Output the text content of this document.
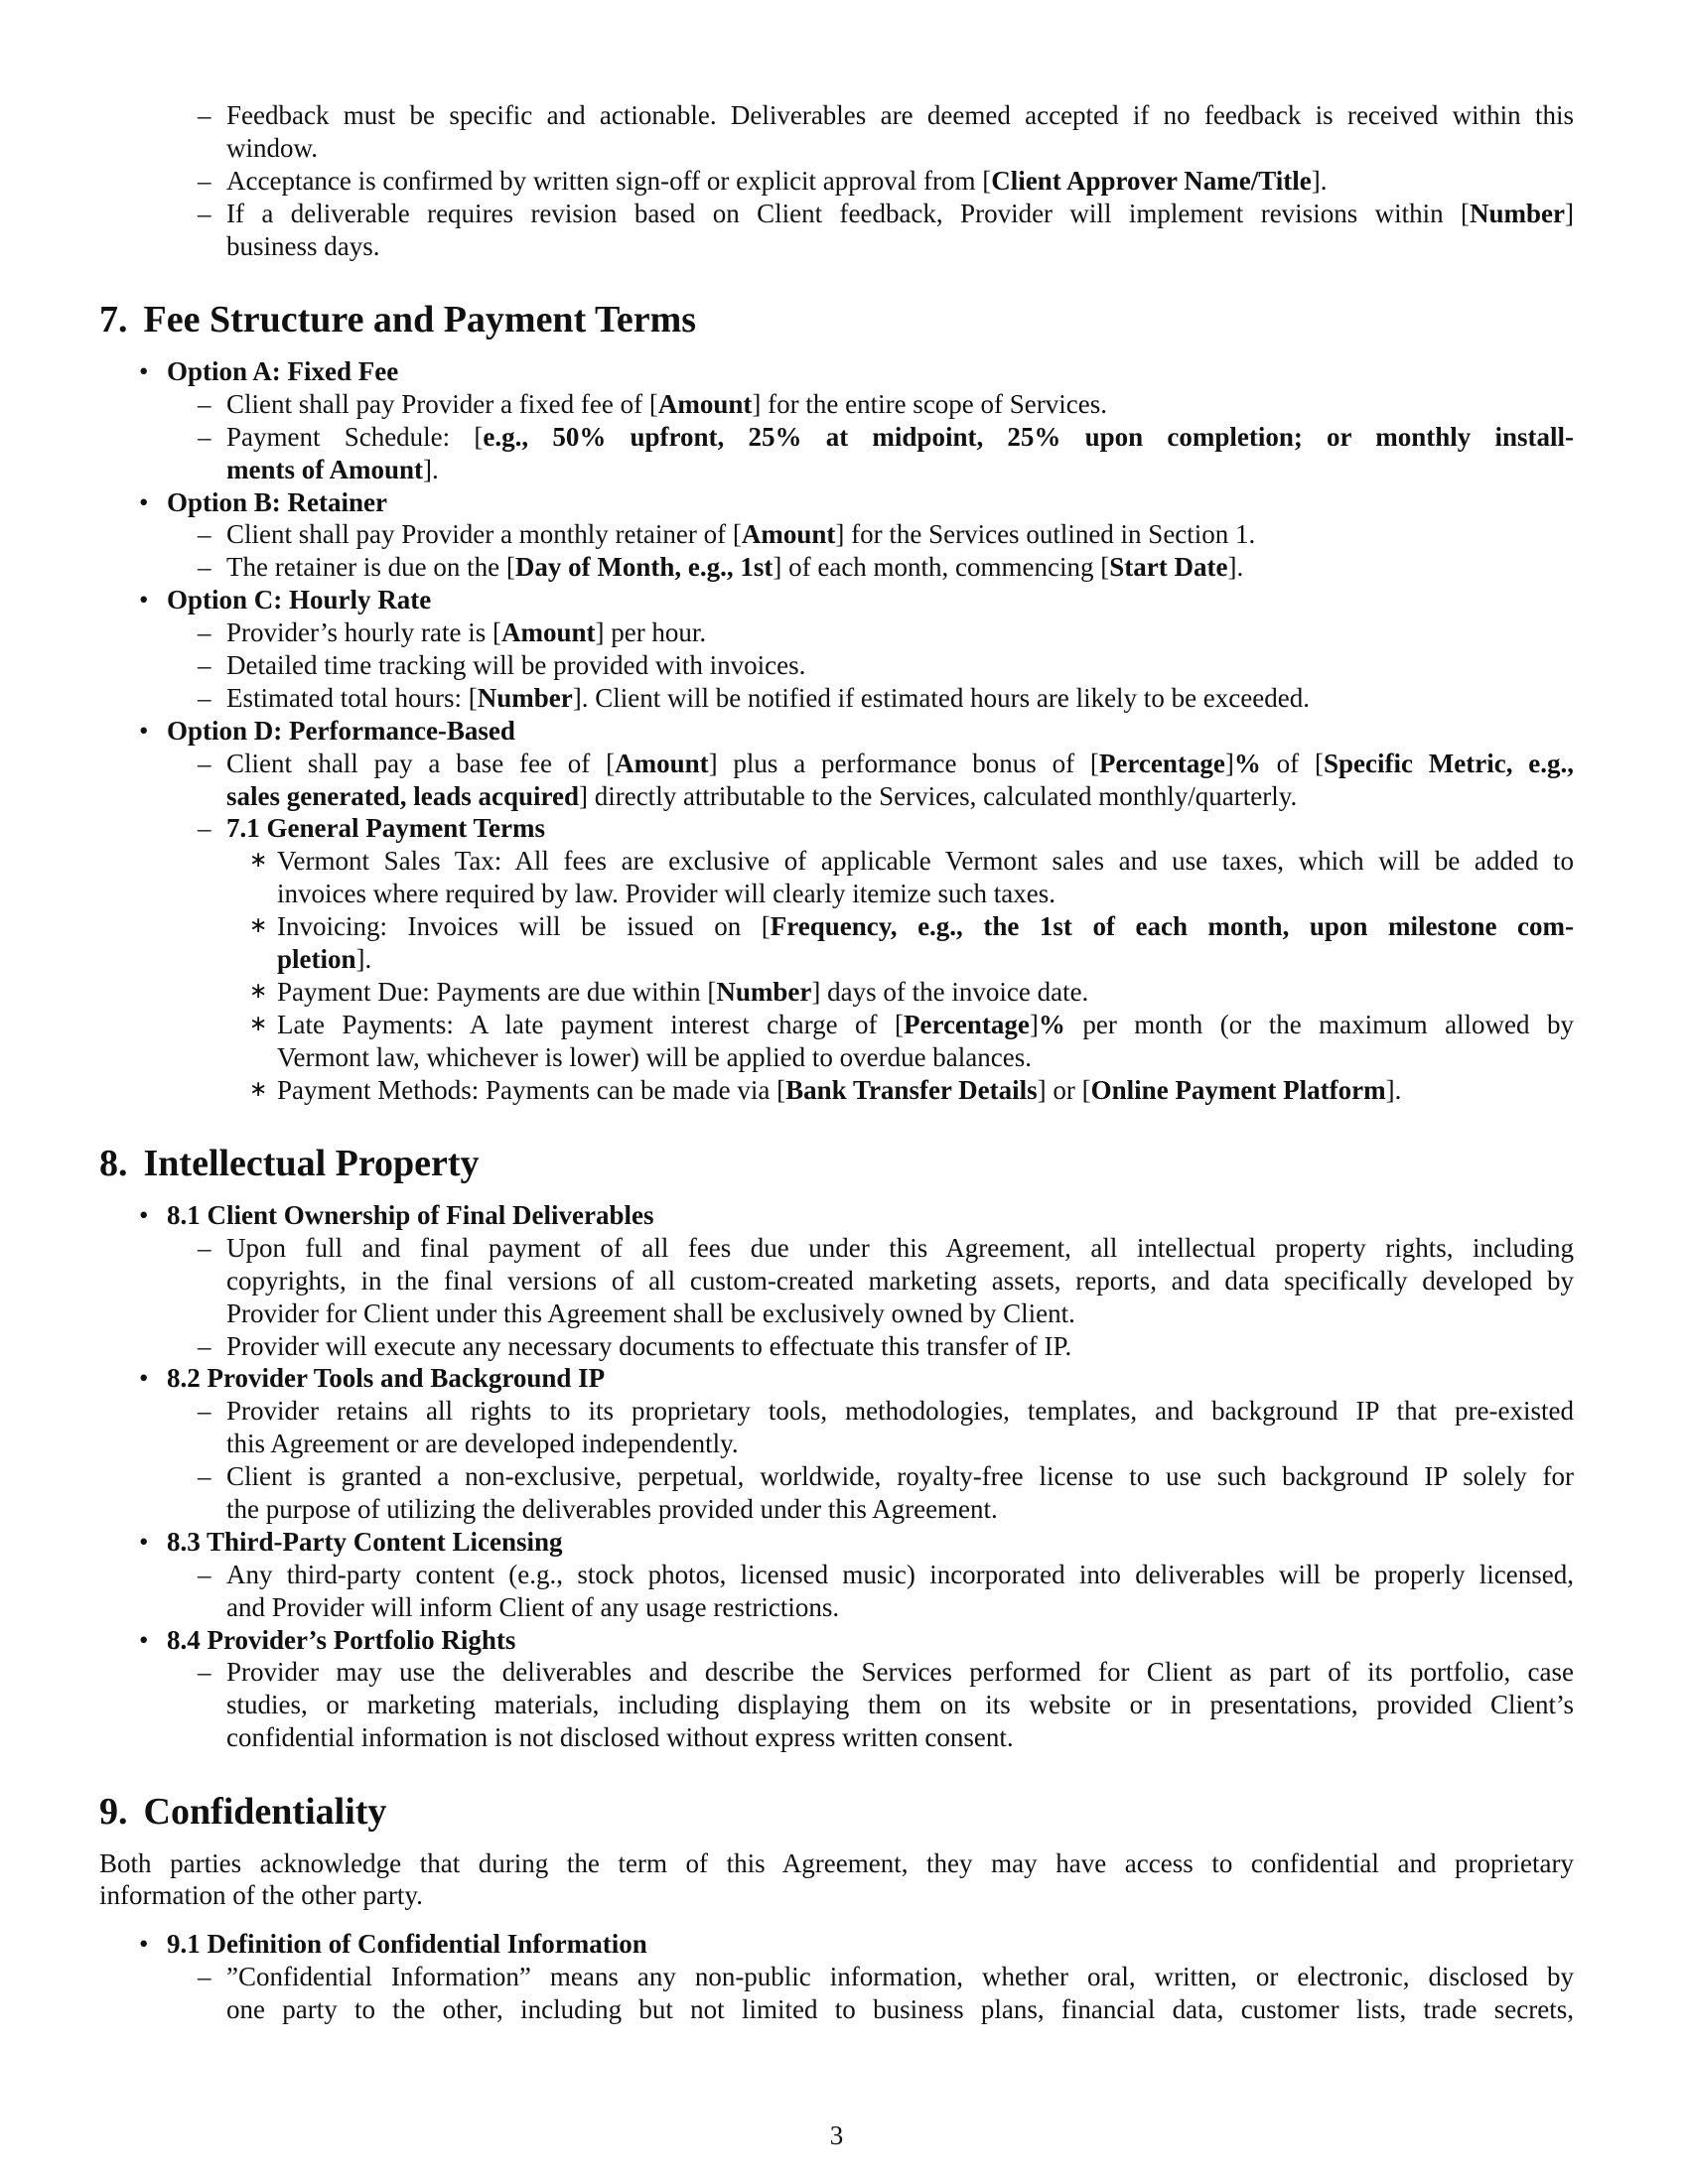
– Feedback must be specific and actionable. Deliverables are deemed accepted if no feedback is received within this
window.
– Acceptance is confirmed by written sign-off or explicit approval from [Client Approver Name/Title].
– If a deliverable requires revision based on Client feedback, Provider will implement revisions within [Number]
business days.
7. Fee Structure and Payment Terms
• Option A: Fixed Fee
– Client shall pay Provider a fixed fee of [Amount] for the entire scope of Services.
– Payment Schedule: [e.g., 50% upfront, 25% at midpoint, 25% upon completion; or monthly install-
ments of Amount].
• Option B: Retainer
– Client shall pay Provider a monthly retainer of [Amount] for the Services outlined in Section 1.
– The retainer is due on the [Day of Month, e.g., 1st] of each month, commencing [Start Date].
• Option C: Hourly Rate
– Provider’s hourly rate is [Amount] per hour.
– Detailed time tracking will be provided with invoices.
– Estimated total hours: [Number]. Client will be notified if estimated hours are likely to be exceeded.
• Option D: Performance-Based
– Client shall pay a base fee of [Amount] plus a performance bonus of [Percentage]% of [Specific Metric, e.g.,
sales generated, leads acquired] directly attributable to the Services, calculated monthly/quarterly.
– 7.1 General Payment Terms
∗ Vermont Sales Tax: All fees are exclusive of applicable Vermont sales and use taxes, which will be added to
invoices where required by law. Provider will clearly itemize such taxes.
∗ Invoicing: Invoices will be issued on [Frequency, e.g., the 1st of each month, upon milestone com-
pletion].
∗ Payment Due: Payments are due within [Number] days of the invoice date.
∗ Late Payments: A late payment interest charge of [Percentage]% per month (or the maximum allowed by
Vermont law, whichever is lower) will be applied to overdue balances.
∗ Payment Methods: Payments can be made via [Bank Transfer Details] or [Online Payment Platform].
8. Intellectual Property
• 8.1 Client Ownership of Final Deliverables
– Upon full and final payment of all fees due under this Agreement, all intellectual property rights, including
copyrights, in the final versions of all custom-created marketing assets, reports, and data specifically developed by
Provider for Client under this Agreement shall be exclusively owned by Client.
– Provider will execute any necessary documents to effectuate this transfer of IP.
• 8.2 Provider Tools and Background IP
– Provider retains all rights to its proprietary tools, methodologies, templates, and background IP that pre-existed
this Agreement or are developed independently.
– Client is granted a non-exclusive, perpetual, worldwide, royalty-free license to use such background IP solely for
the purpose of utilizing the deliverables provided under this Agreement.
• 8.3 Third-Party Content Licensing
– Any third-party content (e.g., stock photos, licensed music) incorporated into deliverables will be properly licensed,
and Provider will inform Client of any usage restrictions.
• 8.4 Provider’s Portfolio Rights
– Provider may use the deliverables and describe the Services performed for Client as part of its portfolio, case
studies, or marketing materials, including displaying them on its website or in presentations, provided Client’s
confidential information is not disclosed without express written consent.
9. Confidentiality
Both parties acknowledge that during the term of this Agreement, they may have access to confidential and proprietary
information of the other party.
• 9.1 Definition of Confidential Information
– ”Confidential Information” means any non-public information, whether oral, written, or electronic, disclosed by
one party to the other, including but not limited to business plans, financial data, customer lists, trade secrets,
3
